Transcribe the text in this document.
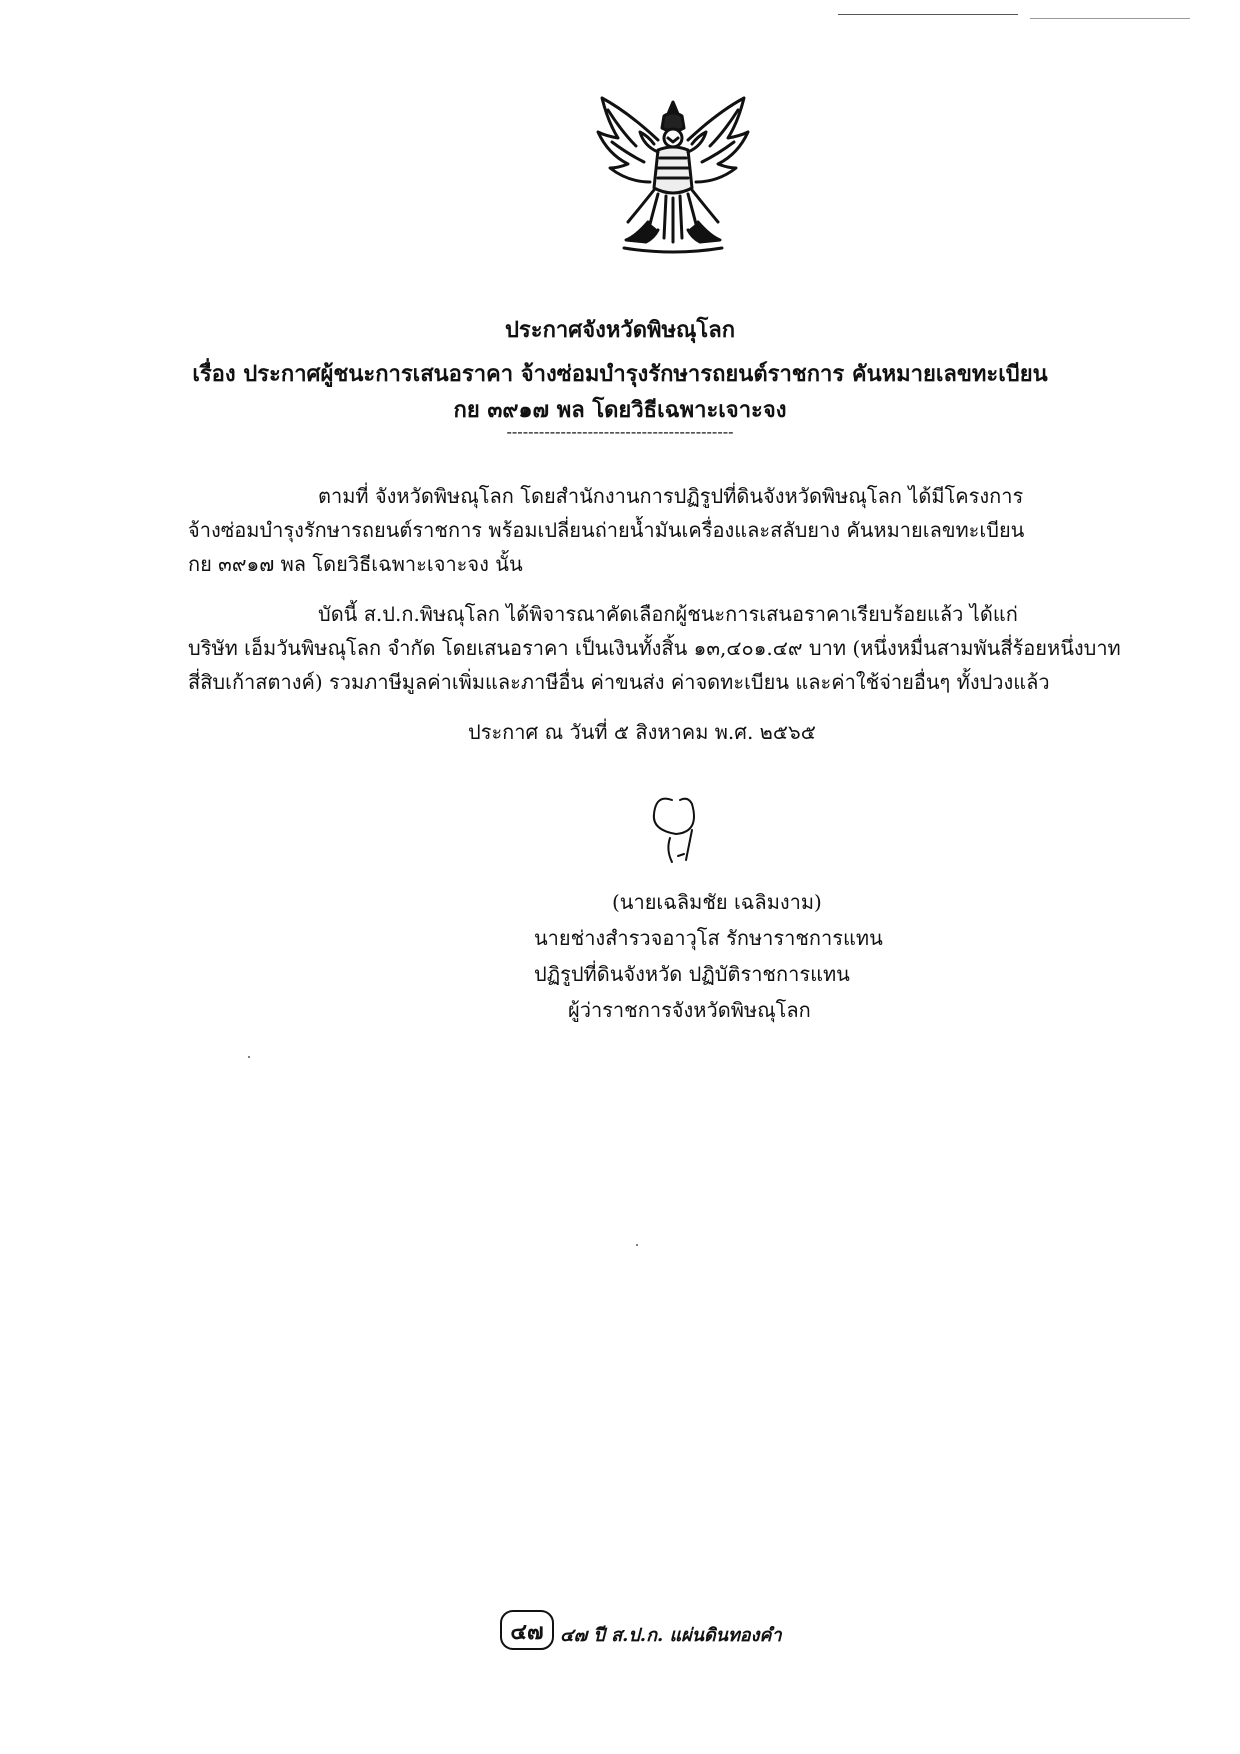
ประกาศจังหวัดพิษณุโลก
เรื่อง ประกาศผู้ชนะการเสนอราคา จ้างซ่อมบำรุงรักษารถยนต์ราชการ คันหมายเลขทะเบียน
กย ๓๙๑๗ พล โดยวิธีเฉพาะเจาะจง
------------------------------------------
ตามที่ จังหวัดพิษณุโลก โดยสำนักงานการปฏิรูปที่ดินจังหวัดพิษณุโลก ได้มีโครงการ
จ้างซ่อมบำรุงรักษารถยนต์ราชการ พร้อมเปลี่ยนถ่ายน้ำมันเครื่องและสลับยาง คันหมายเลขทะเบียน
กย ๓๙๑๗ พล โดยวิธีเฉพาะเจาะจง นั้น
บัดนี้ ส.ป.ก.พิษณุโลก ได้พิจารณาคัดเลือกผู้ชนะการเสนอราคาเรียบร้อยแล้ว ได้แก่
บริษัท เอ็มวันพิษณุโลก จำกัด โดยเสนอราคา เป็นเงินทั้งสิ้น ๑๓,๔๐๑.๔๙ บาท (หนึ่งหมื่นสามพันสี่ร้อยหนึ่งบาท
สี่สิบเก้าสตางค์) รวมภาษีมูลค่าเพิ่มและภาษีอื่น ค่าขนส่ง ค่าจดทะเบียน และค่าใช้จ่ายอื่นๆ ทั้งปวงแล้ว
ประกาศ ณ วันที่ ๕ สิงหาคม พ.ศ. ๒๕๖๕
(นายเฉลิมชัย เฉลิมงาม)
นายช่างสำรวจอาวุโส รักษาราชการแทน
ปฏิรูปที่ดินจังหวัด ปฏิบัติราชการแทน
ผู้ว่าราชการจังหวัดพิษณุโลก
๔๗ ๔๗ ปี ส.ป.ก. แผ่นดินทองคำ
